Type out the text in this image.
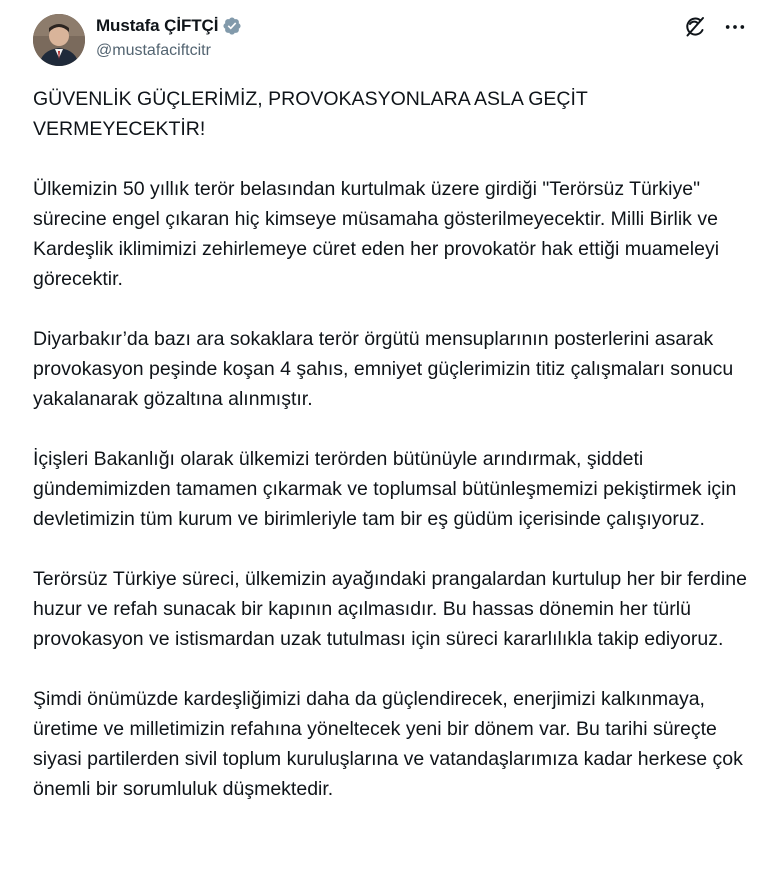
Mustafa ÇİFTÇİ
@mustafaciftcitr

GÜVENLİK GÜÇLERİMİZ, PROVOKASYONLARA ASLA GEÇİT VERMEYECEKTİR!

Ülkemizin 50 yıllık terör belasından kurtulmak üzere girdiği "Terörsüz Türkiye" sürecine engel çıkaran hiç kimseye müsamaha gösterilmeyecektir. Milli Birlik ve Kardeşlik iklimimizi zehirlemeye cüret eden her provokatör hak ettiği muameleyi görecektir.

Diyarbakır’da bazı ara sokaklara terör örgütü mensuplarının posterlerini asarak provokasyon peşinde koşan 4 şahıs, emniyet güçlerimizin titiz çalışmaları sonucu yakalanarak gözaltına alınmıştır.

İçişleri Bakanlığı olarak ülkemizi terörden bütünüyle arındırmak, şiddeti gündemimizden tamamen çıkarmak ve toplumsal bütünleşmemizi pekiştirmek için devletimizin tüm kurum ve birimleriyle tam bir eş güdüm içerisinde çalışıyoruz.

Terörsüz Türkiye süreci, ülkemizin ayağındaki prangalardan kurtulup her bir ferdine huzur ve refah sunacak bir kapının açılmasıdır. Bu hassas dönemin her türlü provokasyon ve istismardan uzak tutulması için süreci kararlılıkla takip ediyoruz.

Şimdi önümüzde kardeşliğimizi daha da güçlendirecek, enerjimizi kalkınmaya, üretime ve milletimizin refahına yöneltecek yeni bir dönem var. Bu tarihi süreçte siyasi partilerden sivil toplum kuruluşlarına ve vatandaşlarımıza kadar herkese çok önemli bir sorumluluk düşmektedir.
